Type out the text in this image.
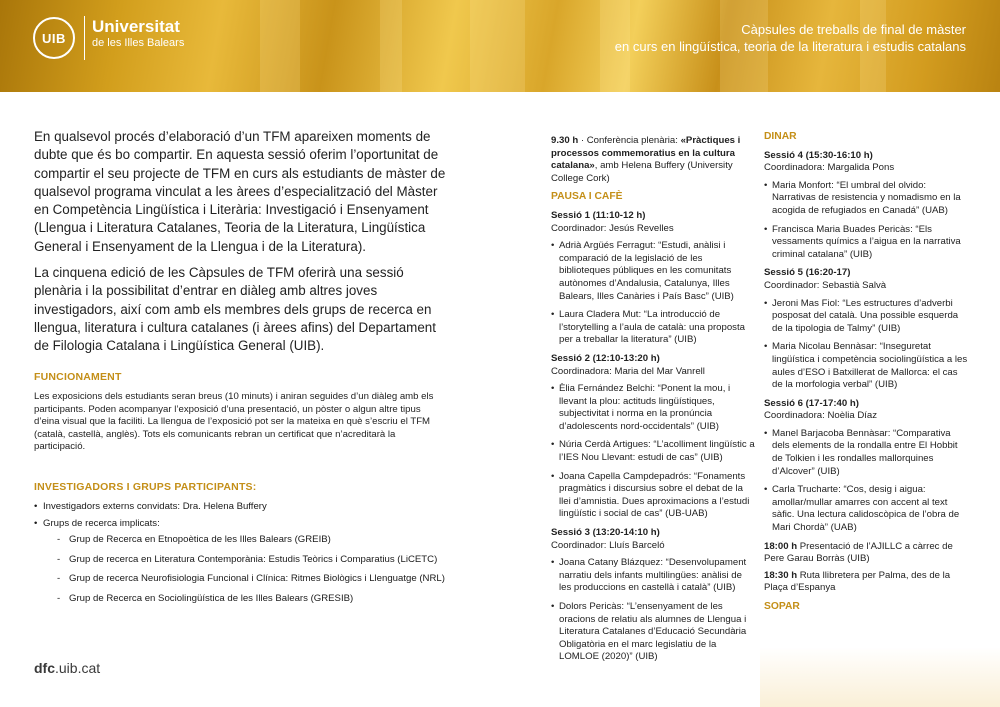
UIB
Universitat
de les Illes Balears
Càpsules de treballs de final de màster
en curs en lingüística, teoria de la literatura i estudis catalans

En qualsevol procés d’elaboració d’un TFM apareixen moments de dubte que és bo compartir. En aquesta sessió oferim l’oportunitat de compartir el seu projecte de TFM en curs als estudiants de màster de qualsevol programa vinculat a les àrees d’especialització del Màster en Competència Lingüística i Literària: Investigació i Ensenyament (Llengua i Literatura Catalanes, Teoria de la Literatura, Lingüística General i Ensenyament de la Llengua i de la Literatura).

La cinquena edició de les Càpsules de TFM oferirà una sessió plenària i la possibilitat d’entrar en diàleg amb altres joves investigadors, així com amb els membres dels grups de recerca en llengua, literatura i cultura catalanes (i àrees afins) del Departament de Filologia Catalana i Lingüística General (UIB).

FUNCIONAMENT
Les exposicions dels estudiants seran breus (10 minuts) i aniran seguides d’un diàleg amb els participants. Poden acompanyar l’exposició d’una presentació, un pòster o algun altre tipus d’eina visual que la faciliti. La llengua de l’exposició pot ser la mateixa en què s’escriu el TFM (català, castellà, anglès). Tots els comunicants rebran un certificat que n’acreditarà la participació.
INVESTIGADORS I GRUPS PARTICIPANTS:
• Investigadors externs convidats: Dra. Helena Buffery
• Grups de recerca implicats:
- Grup de Recerca en Etnopoètica de les Illes Balears (GREIB)
- Grup de recerca en Literatura Contemporània: Estudis Teòrics i Comparatius (LiCETC)
- Grup de recerca Neurofisiologia Funcional i Clínica: Ritmes Biològics i Llenguatge (NRL)
- Grup de Recerca en Sociolingüística de les Illes Balears (GRESIB)
dfc.uib.cat
9.30 h · Conferència plenària: «Pràctiques i processos commemoratius en la cultura catalana», amb Helena Buffery (University College Cork)
PAUSA I CAFÈ
Sessió 1 (11:10-12 h)
Coordinador: Jesús Revelles
• Adrià Argüés Ferragut: “Estudi, anàlisi i comparació de la legislació de les biblioteques públiques en les comunitats autònomes d’Andalusia, Catalunya, Illes Balears, Illes Canàries i País Basc” (UIB)
• Laura Cladera Mut: “La introducció de l’storytelling a l’aula de català: una proposta per a treballar la literatura” (UIB)
Sessió 2 (12:10-13:20 h)
Coordinadora: Maria del Mar Vanrell
• Èlia Fernández Belchi: “Ponent la mou, i llevant la plou: actituds lingüístiques, subjectivitat i norma en la pronúncia d’adolescents nord-occidentals” (UIB)
• Núria Cerdà Artigues: “L’acolliment lingüístic a l’IES Nou Llevant: estudi de cas” (UIB)
• Joana Capella Campdepadrós: “Fonaments pragmàtics i discursius sobre el debat de la llei d’amnistia. Dues aproximacions a l’estudi lingüístic i social de cas” (UB-UAB)
Sessió 3 (13:20-14:10 h)
Coordinador: Lluís Barceló
• Joana Catany Blázquez: “Desenvolupament narratiu dels infants multilingües: anàlisi de les produccions en castellà i català” (UIB)
• Dolors Pericàs: “L’ensenyament de les oracions de relatiu als alumnes de Llengua i Literatura Catalanes d’Educació Secundària Obligatòria en el marc legislatiu de la LOMLOE (2020)” (UIB)
DINAR
Sessió 4 (15:30-16:10 h)
Coordinadora: Margalida Pons
• Maria Monfort: “El umbral del olvido: Narrativas de resistencia y nomadismo en la acogida de refugiados en Canadá” (UAB)
• Francisca Maria Buades Pericàs: “Els vessaments químics a l’aigua en la narrativa criminal catalana” (UIB)
Sessió 5 (16:20-17)
Coordinador: Sebastià Salvà
• Jeroni Mas Fiol: “Les estructures d’adverbi posposat del català. Una possible esquerda de la tipologia de Talmy” (UIB)
• Maria Nicolau Bennàsar: “Inseguretat lingüística i competència sociolingüística a les aules d’ESO i Batxillerat de Mallorca: el cas de la morfologia verbal” (UIB)
Sessió 6 (17-17:40 h)
Coordinadora: Noèlia Díaz
• Manel Barjacoba Bennàsar: “Comparativa dels elements de la rondalla entre El Hobbit de Tolkien i les rondalles mallorquines d’Alcover” (UIB)
• Carla Trucharte: “Cos, desig i aigua: amollar/mullar amarres con accent al text sàfic. Una lectura calidoscòpica de l’obra de Mari Chordà” (UAB)
18:00 h Presentació de l’AJILLC a càrrec de Pere Garau Borràs (UIB)
18:30 h Ruta llibretera per Palma, des de la Plaça d’Espanya
SOPAR
